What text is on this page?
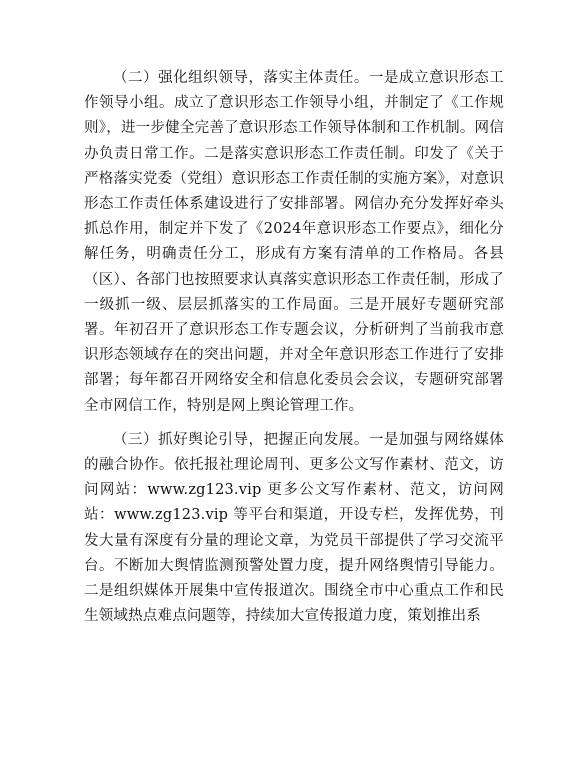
（二）强化组织领导，落实主体责任。一是成立意识形态工作领导小组。成立了意识形态工作领导小组，并制定了《工作规则》，进一步健全完善了意识形态工作领导体制和工作机制。网信办负责日常工作。二是落实意识形态工作责任制。印发了《关于严格落实党委（党组）意识形态工作责任制的实施方案》，对意识形态工作责任体系建设进行了安排部署。网信办充分发挥好牵头抓总作用，制定并下发了《2024年意识形态工作要点》，细化分解任务，明确责任分工，形成有方案有清单的工作格局。各县（区）、各部门也按照要求认真落实意识形态工作责任制，形成了一级抓一级、层层抓落实的工作局面。三是开展好专题研究部署。年初召开了意识形态工作专题会议，分析研判了当前我市意识形态领域存在的突出问题，并对全年意识形态工作进行了安排部署；每年都召开网络安全和信息化委员会会议，专题研究部署全市网信工作，特别是网上舆论管理工作。

（三）抓好舆论引导，把握正向发展。一是加强与网络媒体的融合协作。依托报社理论周刊、更多公文写作素材、范文，访问网站：www.zg123.vip 更多公文写作素材、范文，访问网站：www.zg123.vip 等平台和渠道，开设专栏，发挥优势，刊发大量有深度有分量的理论文章，为党员干部提供了学习交流平台。不断加大舆情监测预警处置力度，提升网络舆情引导能力。二是组织媒体开展集中宣传报道次。围绕全市中心重点工作和民生领域热点难点问题等，持续加大宣传报道力度，策划推出系
